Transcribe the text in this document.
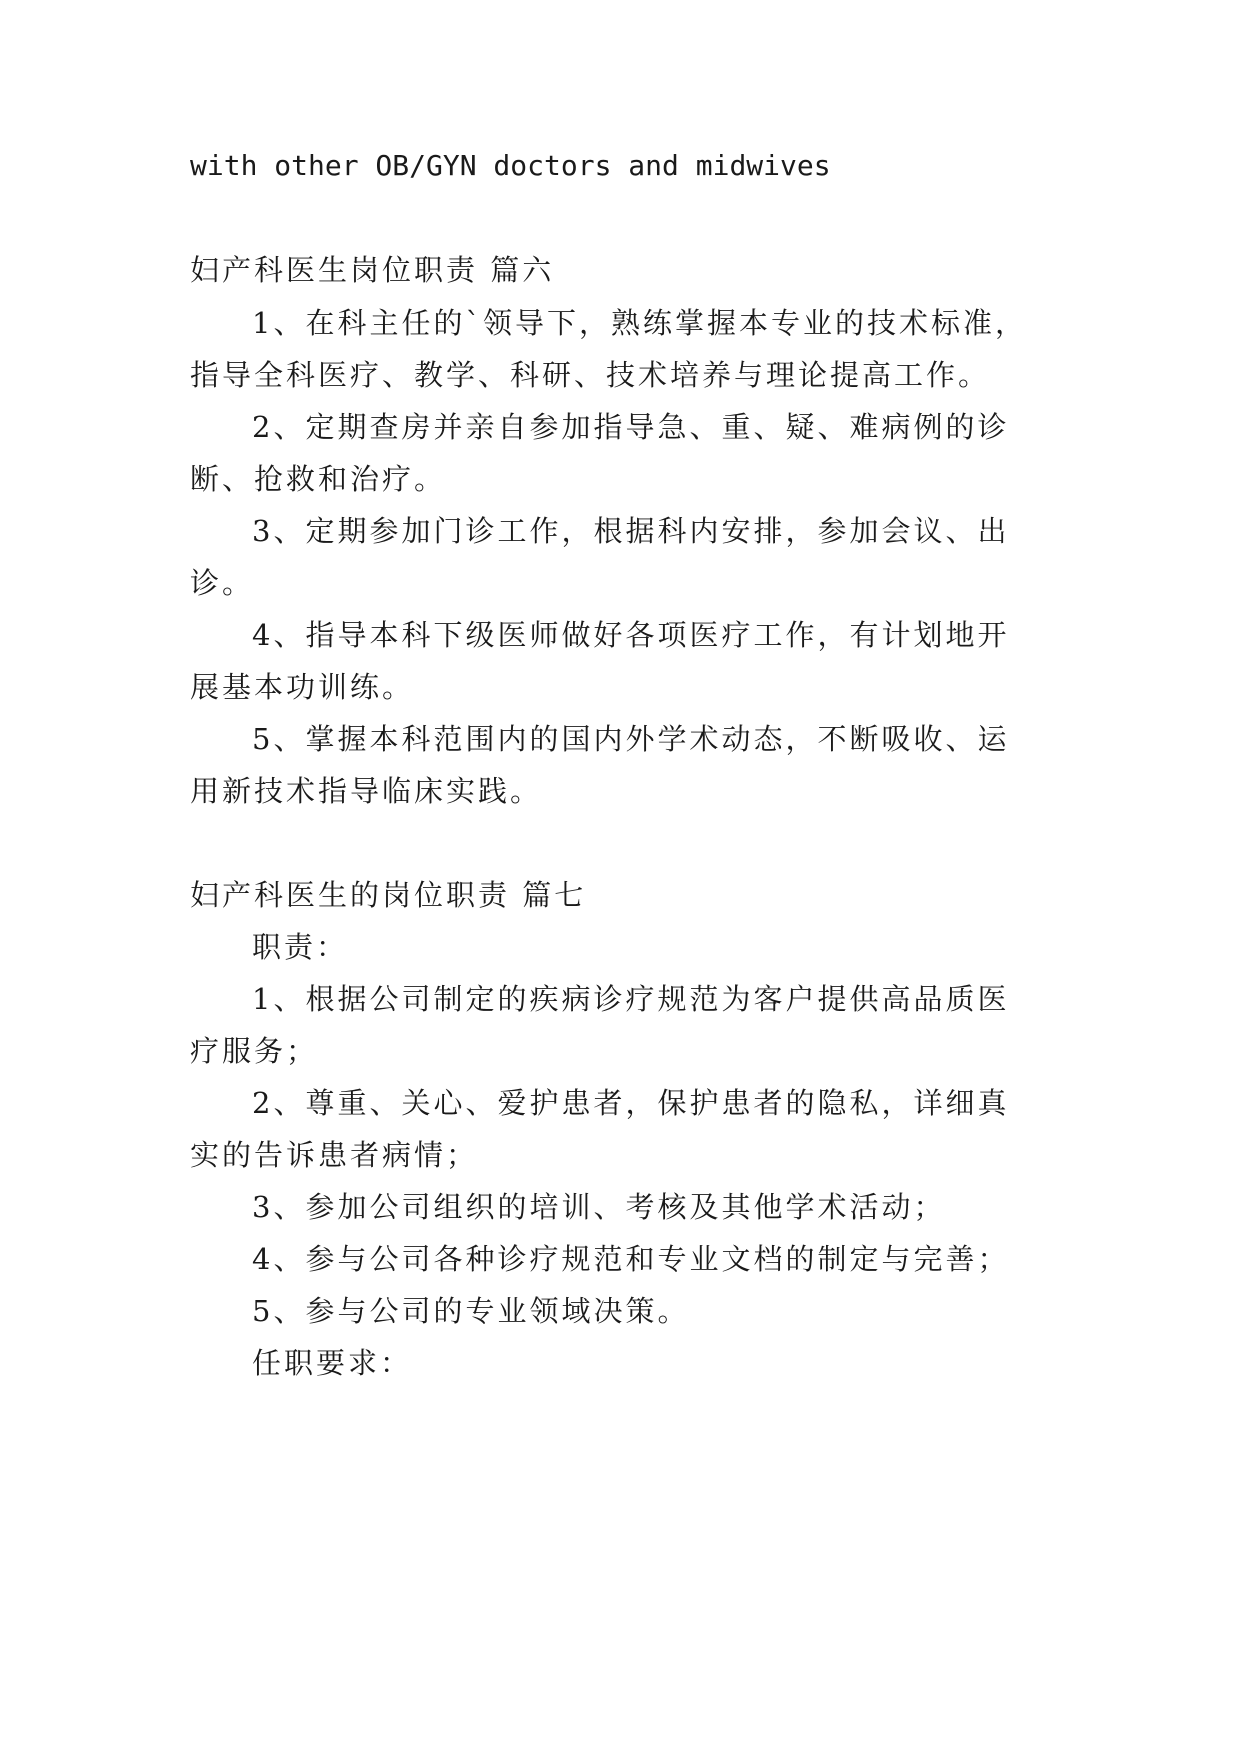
with other OB/GYN doctors and midwives
妇产科医生岗位职责 篇六
1、在科主任的`领导下，熟练掌握本专业的技术标准，
指导全科医疗、教学、科研、技术培养与理论提高工作。
2、定期查房并亲自参加指导急、重、疑、难病例的诊
断、抢救和治疗。
3、定期参加门诊工作，根据科内安排，参加会议、出
诊。
4、指导本科下级医师做好各项医疗工作，有计划地开
展基本功训练。
5、掌握本科范围内的国内外学术动态，不断吸收、运
用新技术指导临床实践。
妇产科医生的岗位职责 篇七
职责：
1、根据公司制定的疾病诊疗规范为客户提供高品质医
疗服务；
2、尊重、关心、爱护患者，保护患者的隐私，详细真
实的告诉患者病情；
3、参加公司组织的培训、考核及其他学术活动；
4、参与公司各种诊疗规范和专业文档的制定与完善；
5、参与公司的专业领域决策。
任职要求：
